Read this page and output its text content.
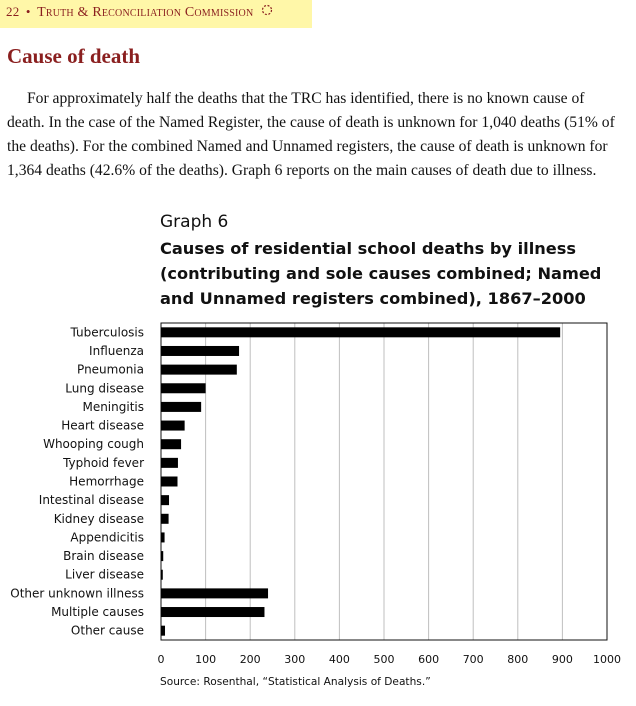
22 • Truth & Reconciliation Commission
Cause of death

For approximately half the deaths that the TRC has identified, there is no known cause of death. In the case of the Named Register, the cause of death is unknown for 1,040 deaths (51% of the deaths). For the combined Named and Unnamed registers, the cause of death is unknown for 1,364 deaths (42.6% of the deaths). Graph 6 reports on the main causes of death due to illness.

Graph 6
Causes of residential school deaths by illness (contributing and sole causes combined; Named and Unnamed registers combined), 1867–2000
Tuberculosis
Influenza
Pneumonia
Lung disease
Meningitis
Heart disease
Whooping cough
Typhoid fever
Hemorrhage
Intestinal disease
Kidney disease
Appendicitis
Brain disease
Liver disease
Other unknown illness
Multiple causes
Other cause
0	100 200 300 400 500 600 700 800 900 1000
Source: Rosenthal, “Statistical Analysis of Deaths.”
